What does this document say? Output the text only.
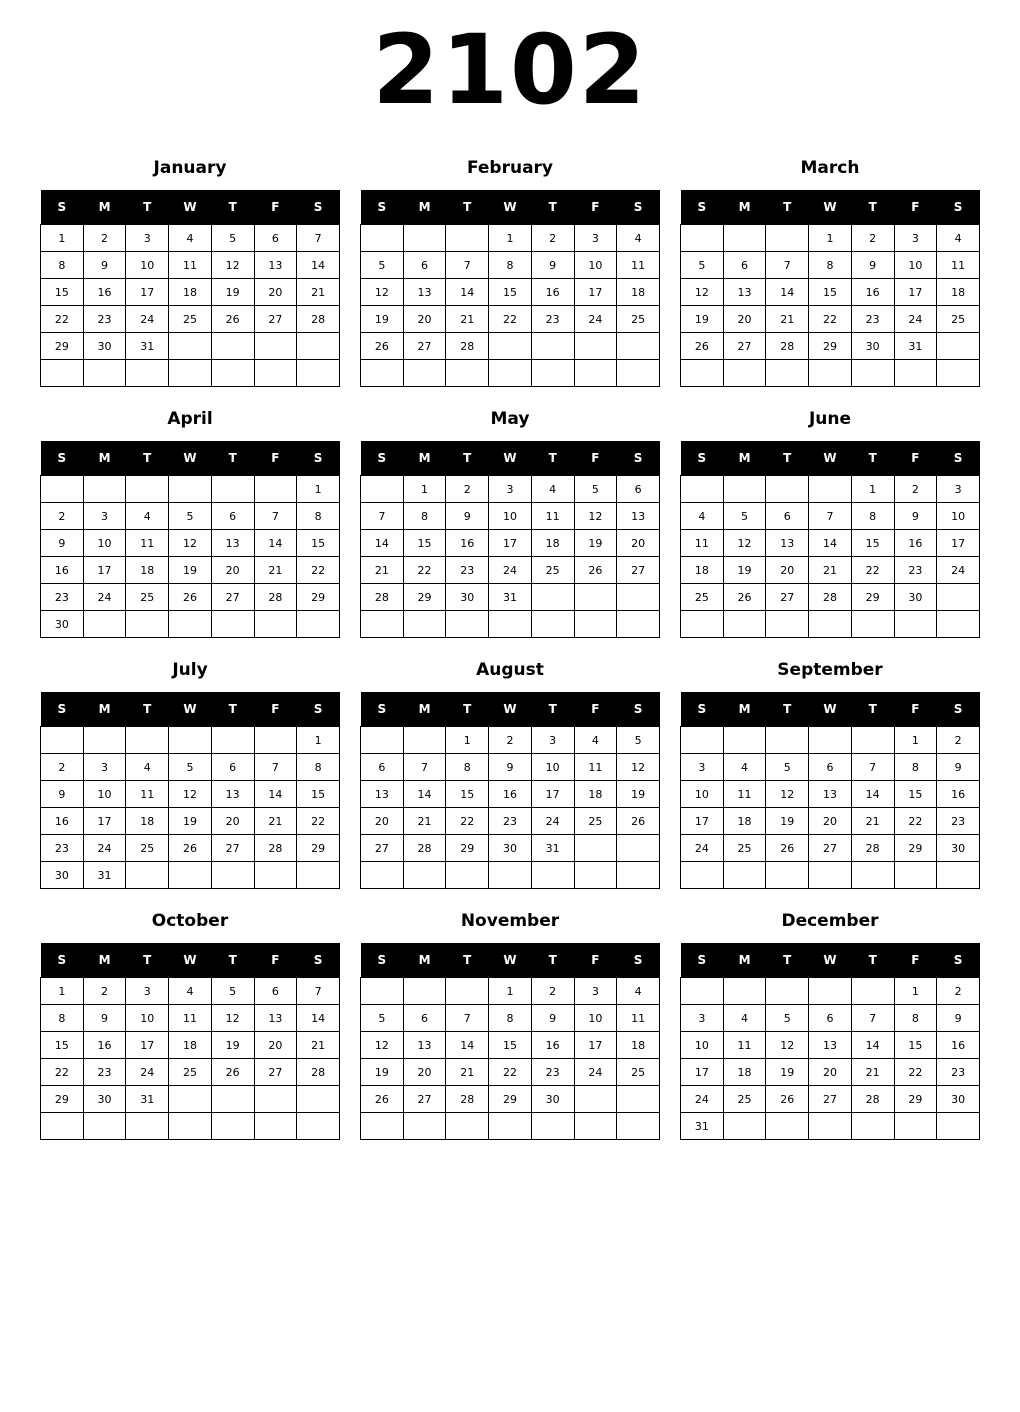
2102
January
S	M	T	W	T	F	S
1	2	3	4	5	6	7
8	9	10	11	12	13	14
15	16	17	18	19	20	21
22	23	24	25	26	27	28
29	30	31				

February
S	M	T	W	T	F	S
			1	2	3	4
5	6	7	8	9	10	11
12	13	14	15	16	17	18
19	20	21	22	23	24	25
26	27	28				

March
S	M	T	W	T	F	S
			1	2	3	4
5	6	7	8	9	10	11
12	13	14	15	16	17	18
19	20	21	22	23	24	25
26	27	28	29	30	31	

April
S	M	T	W	T	F	S
						1
2	3	4	5	6	7	8
9	10	11	12	13	14	15
16	17	18	19	20	21	22
23	24	25	26	27	28	29
30						
May
S	M	T	W	T	F	S
	1	2	3	4	5	6
7	8	9	10	11	12	13
14	15	16	17	18	19	20
21	22	23	24	25	26	27
28	29	30	31			

June
S	M	T	W	T	F	S
				1	2	3
4	5	6	7	8	9	10
11	12	13	14	15	16	17
18	19	20	21	22	23	24
25	26	27	28	29	30	

July
S	M	T	W	T	F	S
						1
2	3	4	5	6	7	8
9	10	11	12	13	14	15
16	17	18	19	20	21	22
23	24	25	26	27	28	29
30	31					
August
S	M	T	W	T	F	S
		1	2	3	4	5
6	7	8	9	10	11	12
13	14	15	16	17	18	19
20	21	22	23	24	25	26
27	28	29	30	31		

September
S	M	T	W	T	F	S
					1	2
3	4	5	6	7	8	9
10	11	12	13	14	15	16
17	18	19	20	21	22	23
24	25	26	27	28	29	30

October
S	M	T	W	T	F	S
1	2	3	4	5	6	7
8	9	10	11	12	13	14
15	16	17	18	19	20	21
22	23	24	25	26	27	28
29	30	31				

November
S	M	T	W	T	F	S
			1	2	3	4
5	6	7	8	9	10	11
12	13	14	15	16	17	18
19	20	21	22	23	24	25
26	27	28	29	30		

December
S	M	T	W	T	F	S
					1	2
3	4	5	6	7	8	9
10	11	12	13	14	15	16
17	18	19	20	21	22	23
24	25	26	27	28	29	30
31						
